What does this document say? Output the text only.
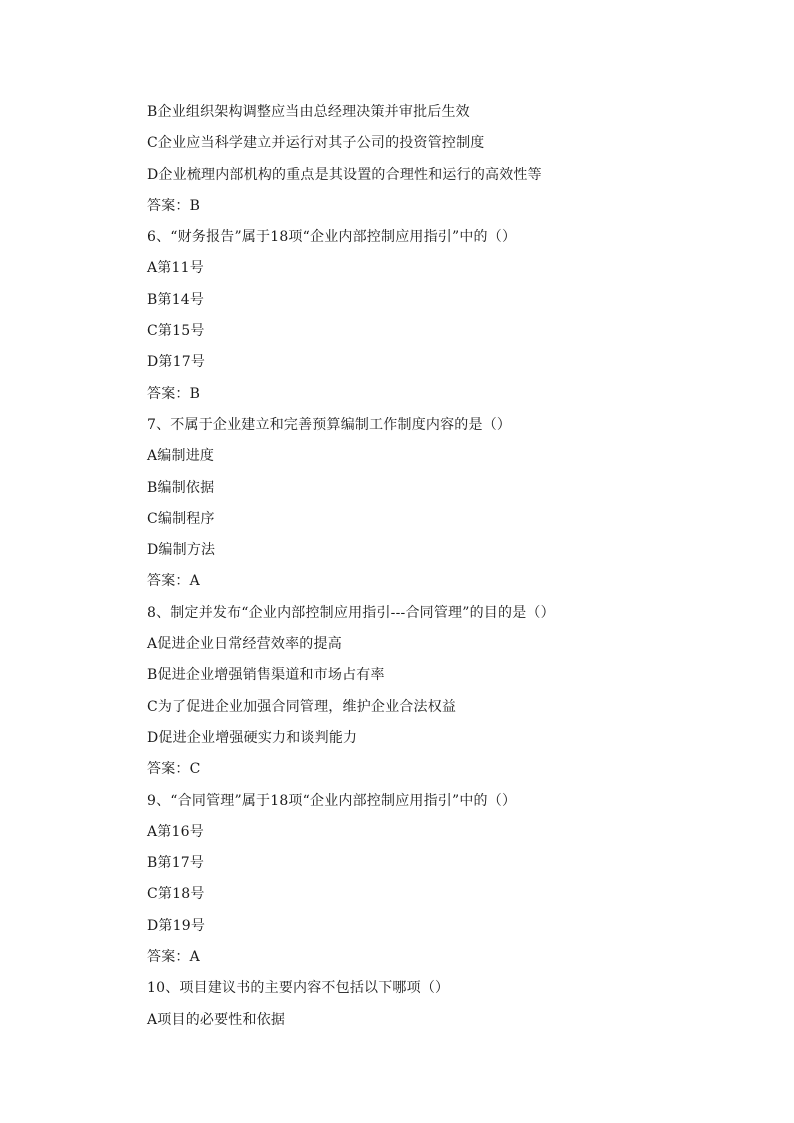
B企业组织架构调整应当由总经理决策并审批后生效
C企业应当科学建立并运行对其子公司的投资管控制度
D企业梳理内部机构的重点是其设置的合理性和运行的高效性等
答案：B
6、“财务报告”属于18项“企业内部控制应用指引”中的（）
A第11号
B第14号
C第15号
D第17号
答案：B
7、不属于企业建立和完善预算编制工作制度内容的是（）
A编制进度
B编制依据
C编制程序
D编制方法
答案：A
8、制定并发布“企业内部控制应用指引---合同管理”的目的是（）
A促进企业日常经营效率的提高
B促进企业增强销售渠道和市场占有率
C为了促进企业加强合同管理，维护企业合法权益
D促进企业增强硬实力和谈判能力
答案：C
9、“合同管理”属于18项“企业内部控制应用指引”中的（）
A第16号
B第17号
C第18号
D第19号
答案：A
10、项目建议书的主要内容不包括以下哪项（）
A项目的必要性和依据
